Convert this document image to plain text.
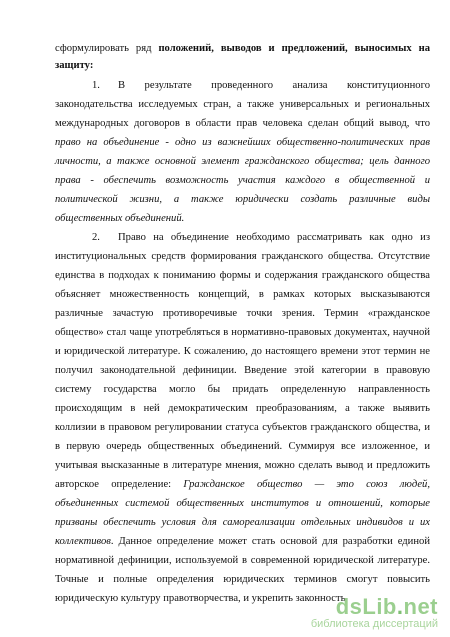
сформулировать ряд положений, выводов и предложений, выносимых на
защиту:
1. В результате проведенного анализа конституционного
законодательства исследуемых стран, а также универсальных и региональных
международных договоров в области прав человека сделан общий вывод, что
право на объединение - одно из важнейших общественно-политических прав
личности, а также основной элемент гражданского общества; цель данного
права - обеспечить возможность участия каждого в общественной и
политической жизни, а также юридически создать различные виды
общественных объединений.
2. Право на объединение необходимо рассматривать как одно из
институциональных средств формирования гражданского общества. Отсутствие
единства в подходах к пониманию формы и содержания гражданского общества
объясняет множественность концепций, в рамках которых высказываются
различные зачастую противоречивые точки зрения. Термин «гражданское
общество» стал чаще употребляться в нормативно-правовых документах, научной
и юридической литературе. К сожалению, до настоящего времени этот термин не
получил законодательной дефиниции. Введение этой категории в правовую
систему государства могло бы придать определенную направленность
происходящим в ней демократическим преобразованиям, а также выявить
коллизии в правовом регулировании статуса субъектов гражданского общества, и
в первую очередь общественных объединений. Суммируя все изложенное, и
учитывая высказанные в литературе мнения, можно сделать вывод и предложить
авторское определение: Гражданское общество — это союз людей,
объединенных системой общественных институтов и отношений, которые
призваны обеспечить условия для самореализации отдельных индивидов и их
коллективов. Данное определение может стать основой для разработки единой
нормативной дефиниции, используемой в современной юридической литературе.
Точные и полные определения юридических терминов смогут повысить
юридическую культуру правотворчества, и укрепить законность.
dsLib.net
библиотека диссертаций
